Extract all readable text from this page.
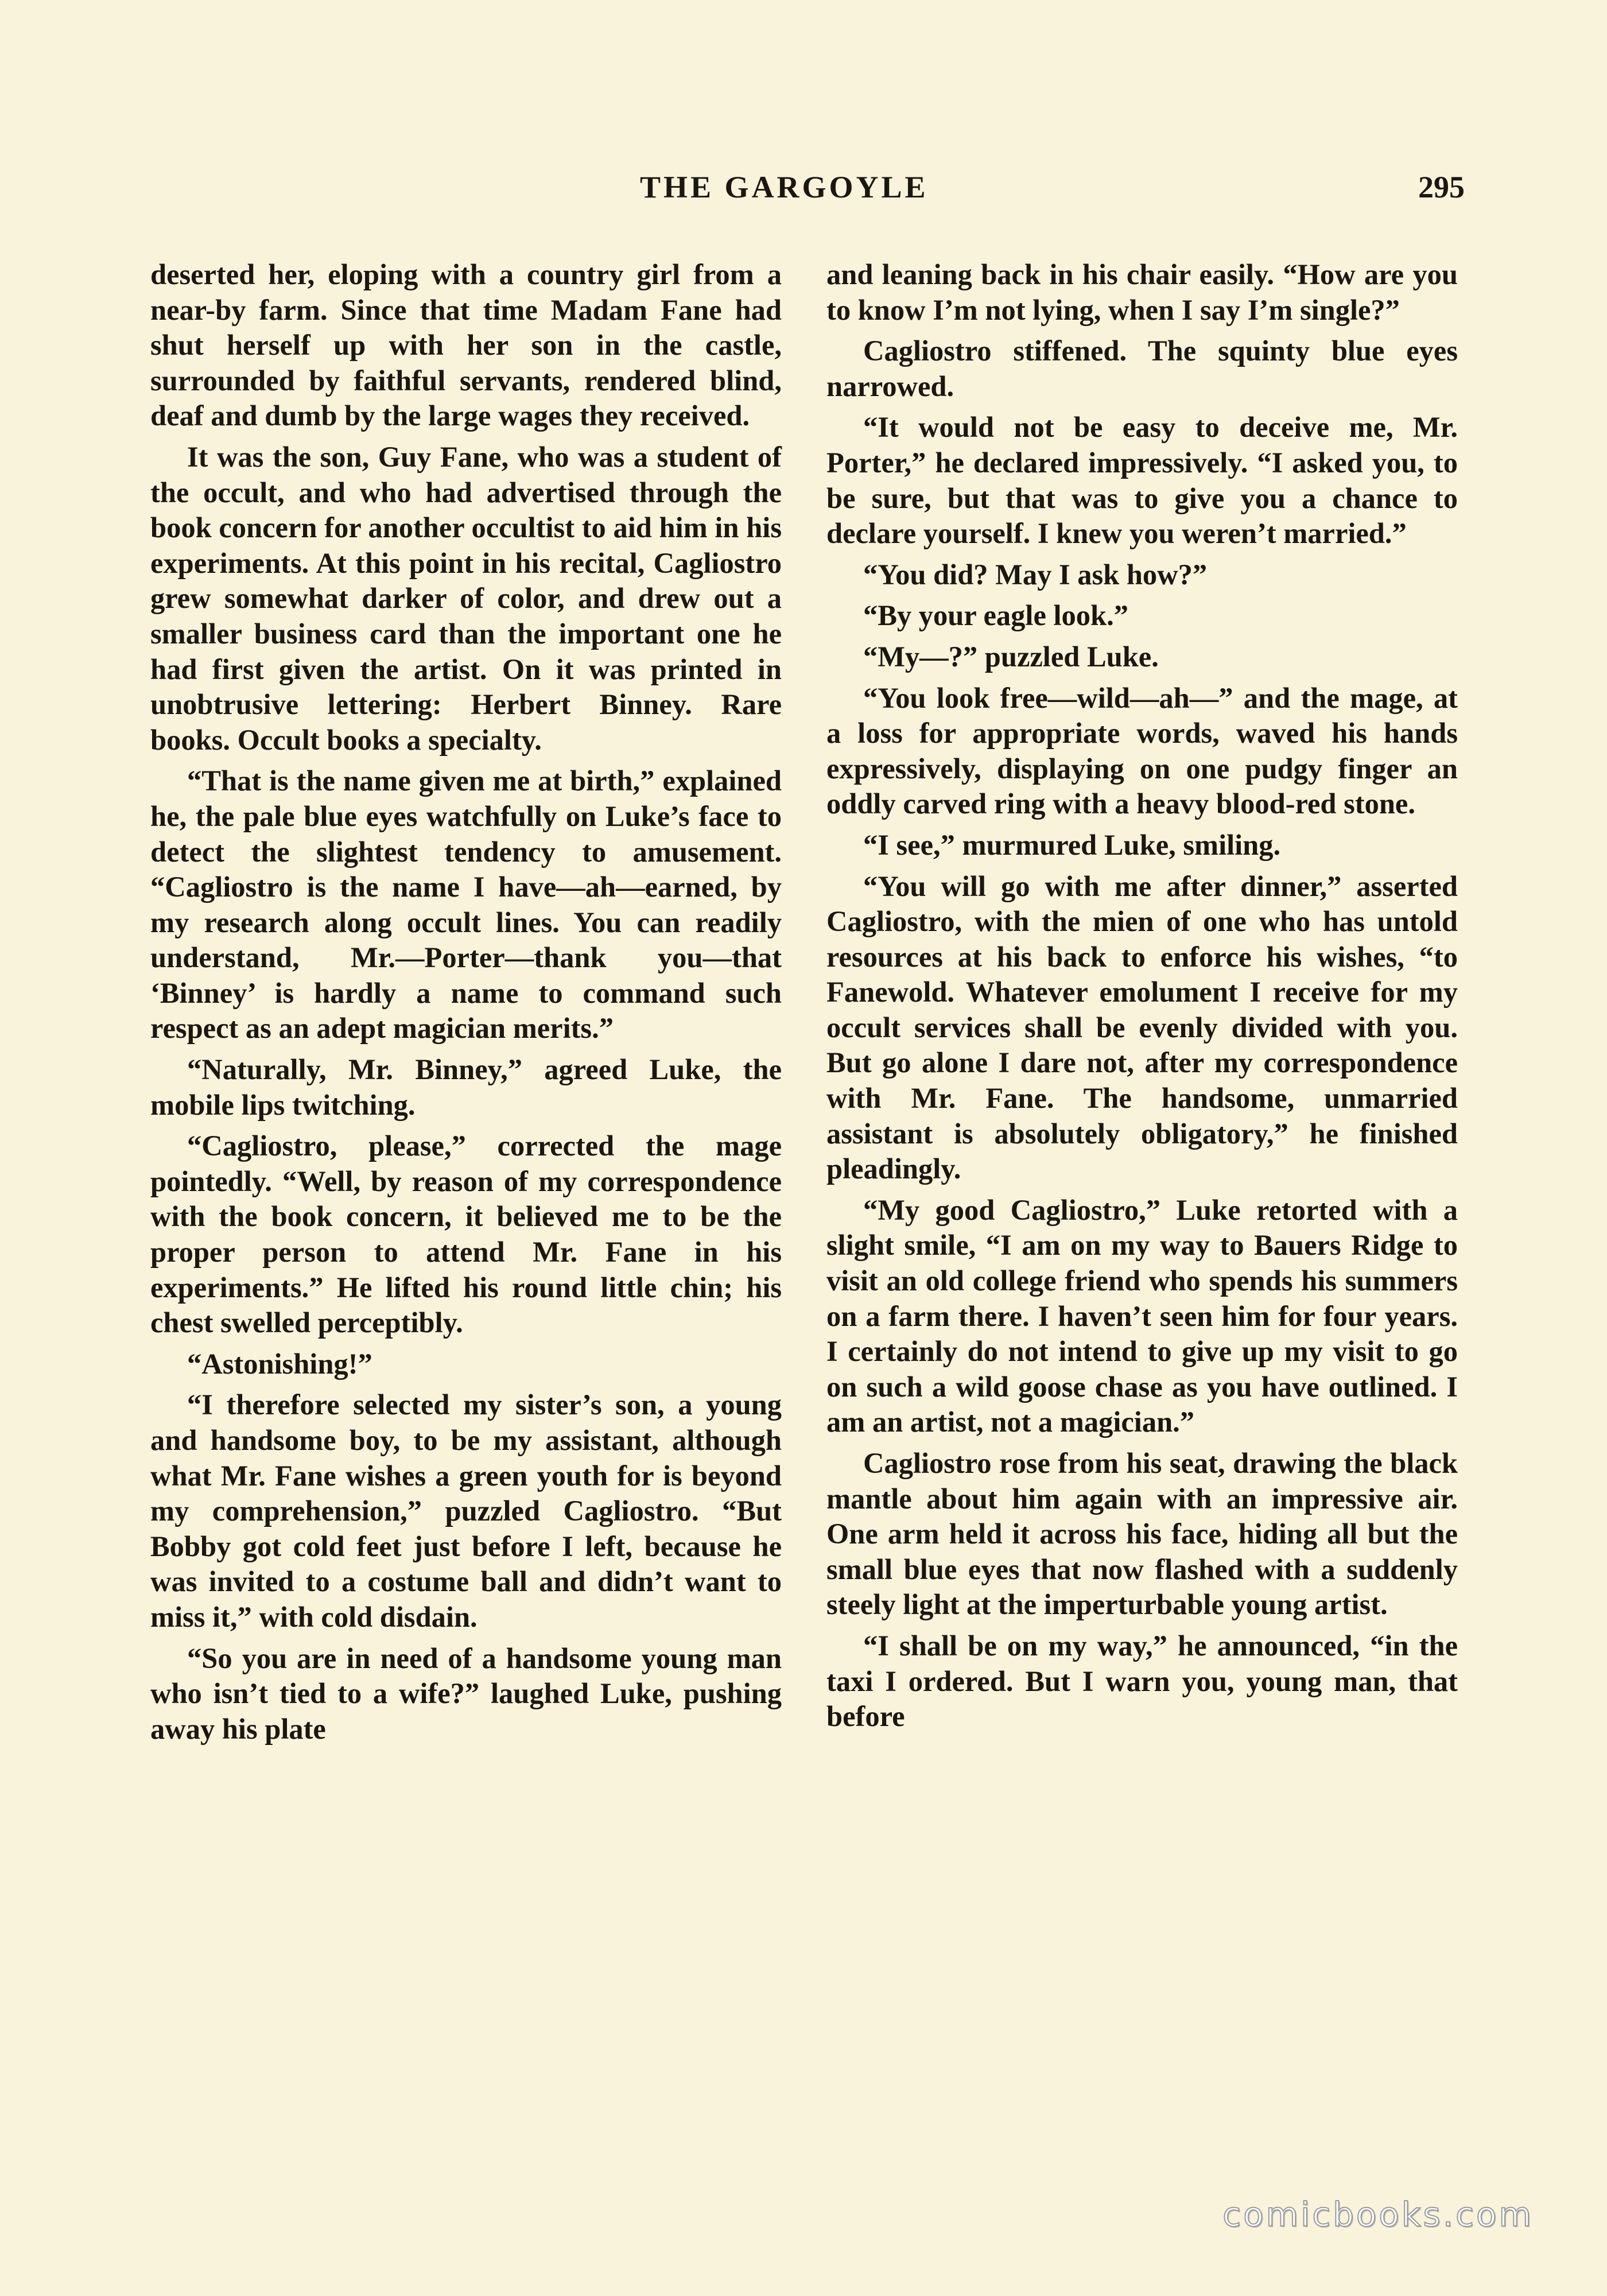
THE GARGOYLE	295

deserted her, eloping with a country girl from a near-by farm. Since that time Madam Fane had shut herself up with her son in the castle, surrounded by faithful servants, rendered blind, deaf and dumb by the large wages they received.

It was the son, Guy Fane, who was a student of the occult, and who had advertised through the book concern for another occultist to aid him in his experiments. At this point in his recital, Cagliostro grew somewhat darker of color, and drew out a smaller business card than the important one he had first given the artist. On it was printed in unobtrusive lettering: Herbert Binney. Rare books. Occult books a specialty.

“That is the name given me at birth,” explained he, the pale blue eyes watchfully on Luke’s face to detect the slightest tendency to amusement. “Cagliostro is the name I have—ah—earned, by my research along occult lines. You can readily understand, Mr.—Porter—thank you—that ‘Binney’ is hardly a name to command such respect as an adept magician merits.”

“Naturally, Mr. Binney,” agreed Luke, the mobile lips twitching.

“Cagliostro, please,” corrected the mage pointedly. “Well, by reason of my correspondence with the book concern, it believed me to be the proper person to attend Mr. Fane in his experiments.” He lifted his round little chin; his chest swelled perceptibly.

“Astonishing!”

“I therefore selected my sister’s son, a young and handsome boy, to be my assistant, although what Mr. Fane wishes a green youth for is beyond my comprehension,” puzzled Cagliostro. “But Bobby got cold feet just before I left, because he was invited to a costume ball and didn’t want to miss it,” with cold disdain.

“So you are in need of a handsome young man who isn’t tied to a wife?” laughed Luke, pushing away his plate

and leaning back in his chair easily. “How are you to know I’m not lying, when I say I’m single?”

Cagliostro stiffened. The squinty blue eyes narrowed.

“It would not be easy to deceive me, Mr. Porter,” he declared impressively. “I asked you, to be sure, but that was to give you a chance to declare yourself. I knew you weren’t married.”

“You did? May I ask how?”

“By your eagle look.”

“My—?” puzzled Luke.

“You look free—wild—ah—” and the mage, at a loss for appropriate words, waved his hands expressively, displaying on one pudgy finger an oddly carved ring with a heavy blood-red stone.

“I see,” murmured Luke, smiling.

“You will go with me after dinner,” asserted Cagliostro, with the mien of one who has untold resources at his back to enforce his wishes, “to Fanewold. Whatever emolument I receive for my occult services shall be evenly divided with you. But go alone I dare not, after my correspondence with Mr. Fane. The handsome, unmarried assistant is absolutely obligatory,” he finished pleadingly.

“My good Cagliostro,” Luke retorted with a slight smile, “I am on my way to Bauers Ridge to visit an old college friend who spends his summers on a farm there. I haven’t seen him for four years. I certainly do not intend to give up my visit to go on such a wild goose chase as you have outlined. I am an artist, not a magician.”

Cagliostro rose from his seat, drawing the black mantle about him again with an impressive air. One arm held it across his face, hiding all but the small blue eyes that now flashed with a suddenly steely light at the imperturbable young artist.

“I shall be on my way,” he announced, “in the taxi I ordered. But I warn you, young man, that before

comicbooks.com
